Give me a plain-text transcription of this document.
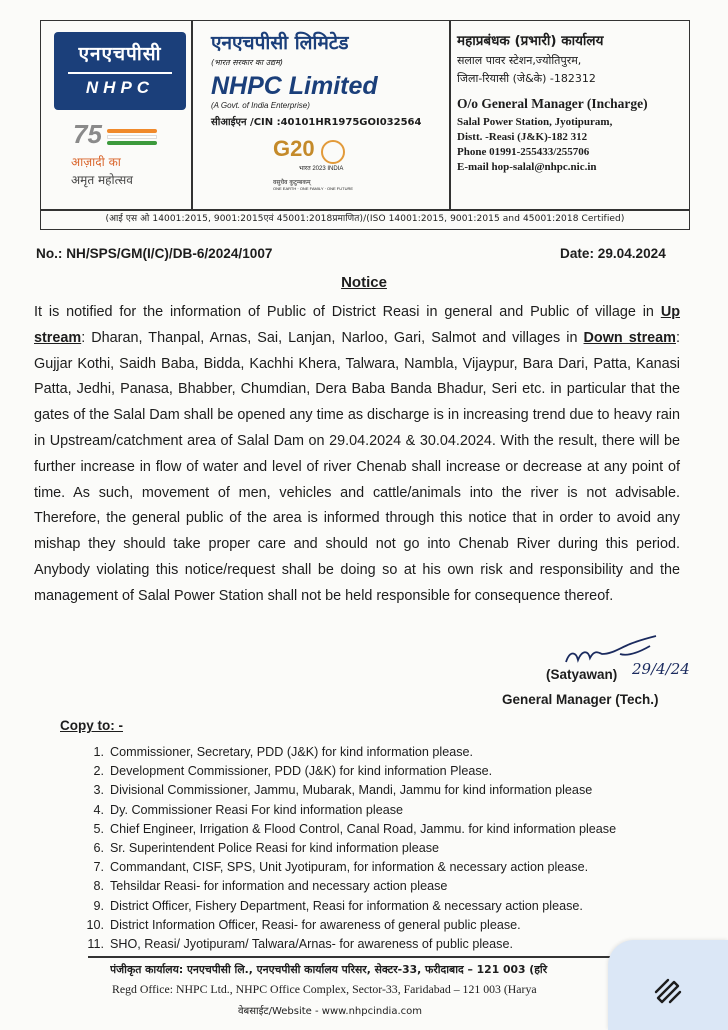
एनएचपीसी
NHPC
75
आज़ादी का
अमृत महोत्सव
एनएचपीसी लिमिटेड
(भारत सरकार का उद्यम)
NHPC Limited
(A Govt. of India Enterprise)
सीआईएन /CIN :40101HR1975GOI032564
G20
भारत 2023 INDIA
वसुधैव कुटुम्बकम्
ONE EARTH · ONE FAMILY · ONE FUTURE
महाप्रबंधक (प्रभारी) कार्यालय
सलाल पावर स्टेशन,ज्योतिपुरम,
जिला-रियासी (जे&के) -182312
O/o General Manager (Incharge)
Salal Power Station, Jyotipuram,
Distt. -Reasi (J&K)-182 312
Phone 01991-255433/255706
E-mail hop-salal@nhpc.nic.in
(आई एस ओ 14001:2015, 9001:2015एवं 45001:2018प्रमाणित)/(ISO 14001:2015, 9001:2015 and 45001:2018 Certified)
No.: NH/SPS/GM(I/C)/DB-6/2024/1007	Date: 29.04.2024
Notice
It is notified for the information of Public of District Reasi in general and Public of village in Up stream: Dharan, Thanpal, Arnas, Sai, Lanjan, Narloo, Gari, Salmot and villages in Down stream: Gujjar Kothi, Saidh Baba, Bidda, Kachhi Khera, Talwara, Nambla, Vijaypur, Bara Dari, Patta, Kanasi Patta, Jedhi, Panasa, Bhabber, Chumdian, Dera Baba Banda Bhadur, Seri etc. in particular that the gates of the Salal Dam shall be opened any time as discharge is in increasing trend due to heavy rain in Upstream/catchment area of Salal Dam on 29.04.2024 & 30.04.2024. With the result, there will be further increase in flow of water and level of river Chenab shall increase or decrease at any point of time. As such, movement of men, vehicles and cattle/animals into the river is not advisable. Therefore, the general public of the area is informed through this notice that in order to avoid any mishap they should take proper care and should not go into Chenab River during this period. Anybody violating this notice/request shall be doing so at his own risk and responsibility and the management of Salal Power Station shall not be held responsible for consequence thereof.
(Satyawan) 29/4/24
General Manager (Tech.)
Copy to: -
1. Commissioner, Secretary, PDD (J&K) for kind information please.
2. Development Commissioner, PDD (J&K) for kind information Please.
3. Divisional Commissioner, Jammu, Mubarak, Mandi, Jammu for kind information please
4. Dy. Commissioner Reasi For kind information please
5. Chief Engineer, Irrigation & Flood Control, Canal Road, Jammu. for kind information please
6. Sr. Superintendent Police Reasi for kind information please
7. Commandant, CISF, SPS, Unit Jyotipuram, for information & necessary action please.
8. Tehsildar Reasi- for information and necessary action please
9. District Officer, Fishery Department, Reasi for information & necessary action please.
10. District Information Officer, Reasi- for awareness of general public please.
11. SHO, Reasi/ Jyotipuram/ Talwara/Arnas- for awareness of public please.
पंजीकृत कार्यालय: एनएचपीसी लि., एनएचपीसी कार्यालय परिसर, सेक्टर-33, फरीदाबाद – 121 003 (हरि
Regd Office: NHPC Ltd., NHPC Office Complex, Sector-33, Faridabad – 121 003 (Harya
वेबसाईट/Website - www.nhpcindia.com
